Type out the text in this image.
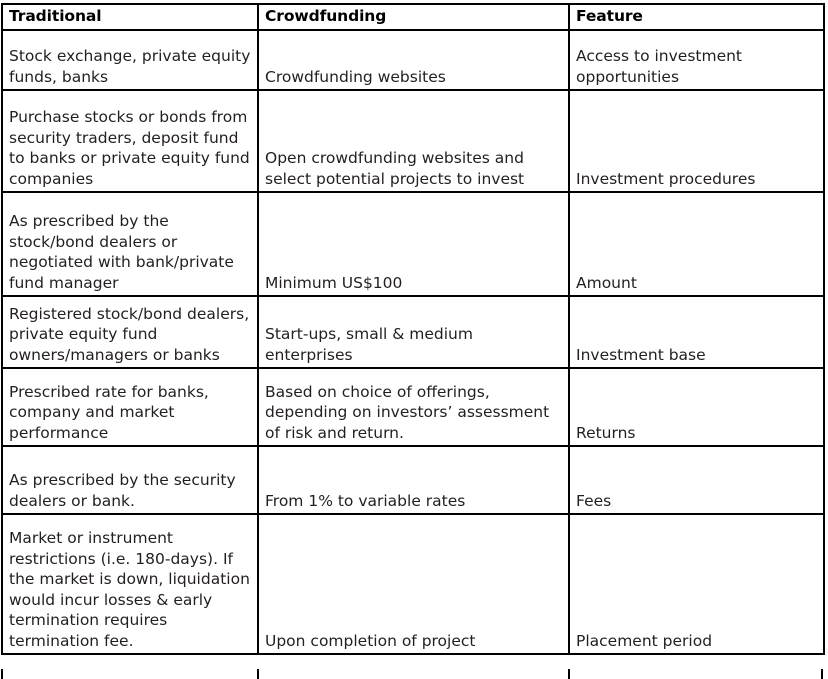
Traditional	Crowdfunding	Feature
Stock exchange, private equity funds, banks	Crowdfunding websites	Access to investment opportunities
Purchase stocks or bonds from security traders, deposit fund to banks or private equity fund companies	Open crowdfunding websites and select potential projects to invest	Investment procedures
As prescribed by the stock/bond dealers or negotiated with bank/private fund manager	Minimum US$100	Amount
Registered stock/bond dealers, private equity fund owners/managers or banks	Start-ups, small & medium enterprises	Investment base
Prescribed rate for banks, company and market performance	Based on choice of offerings, depending on investors’ assessment of risk and return.	Returns
As prescribed by the security dealers or bank.	From 1% to variable rates	Fees
Market or instrument restrictions (i.e. 180-days). If the market is down, liquidation would incur losses & early termination requires termination fee.	Upon completion of project	Placement period
